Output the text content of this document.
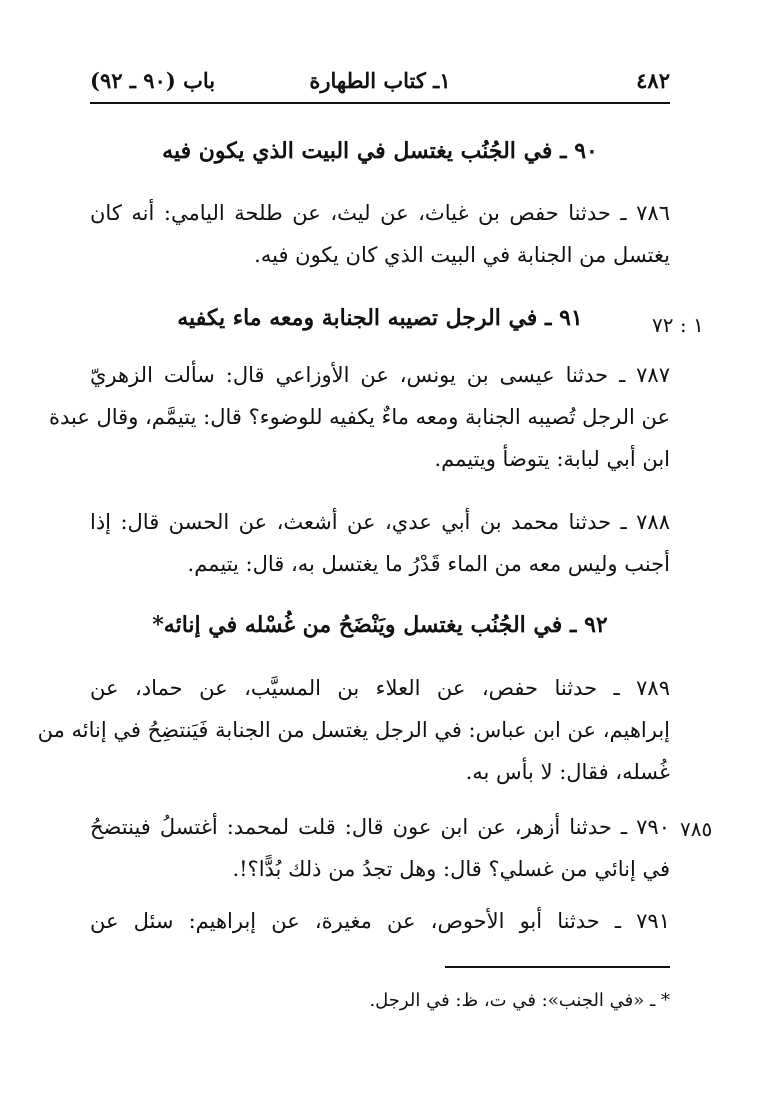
٤٨٢
١ـ كتاب الطهارة
باب (٩٠ ـ ٩٢)
٩٠ ـ في الجُنُب يغتسل في البيت الذي يكون فيه
٧٨٦ ـ حدثنا حفص بن غياث، عن ليث، عن طلحة اليامي: أنه كان
يغتسل من الجنابة في البيت الذي كان يكون فيه.
٩١ ـ في الرجل تصيبه الجنابة ومعه ماء يكفيه	١ : ٧٢
٧٨٧ ـ حدثنا عيسى بن يونس، عن الأوزاعي قال: سألت الزهريّ
عن الرجل تُصيبه الجنابة ومعه ماءٌ يكفيه للوضوء؟ قال: يتيمَّم، وقال عبدة
ابن أبي لبابة: يتوضأ ويتيمم.
٧٨٨ ـ حدثنا محمد بن أبي عدي، عن أشعث، عن الحسن قال: إذا
أجنب وليس معه من الماء قَدْرُ ما يغتسل به، قال: يتيمم.
٩٢ ـ في الجُنُب يغتسل ويَنْضَحُ من غُسْله في إنائه*
٧٨٩ ـ حدثنا حفص، عن العلاء بن المسيَّب، عن حماد، عن
إبراهيم، عن ابن عباس: في الرجل يغتسل من الجنابة فَيَنتضِحُ في إنائه من
غُسله، فقال: لا بأس به.
٧٨٥
٧٩٠ ـ حدثنا أزهر، عن ابن عون قال: قلت لمحمد: أغتسلُ فينتضحُ
في إنائي من غسلي؟ قال: وهل تجدُ من ذلك بُدًّا؟!.
٧٩١ ـ حدثنا أبو الأحوص، عن مغيرة، عن إبراهيم: سئل عن
* ـ «في الجنب»: في ت، ظ: في الرجل.
